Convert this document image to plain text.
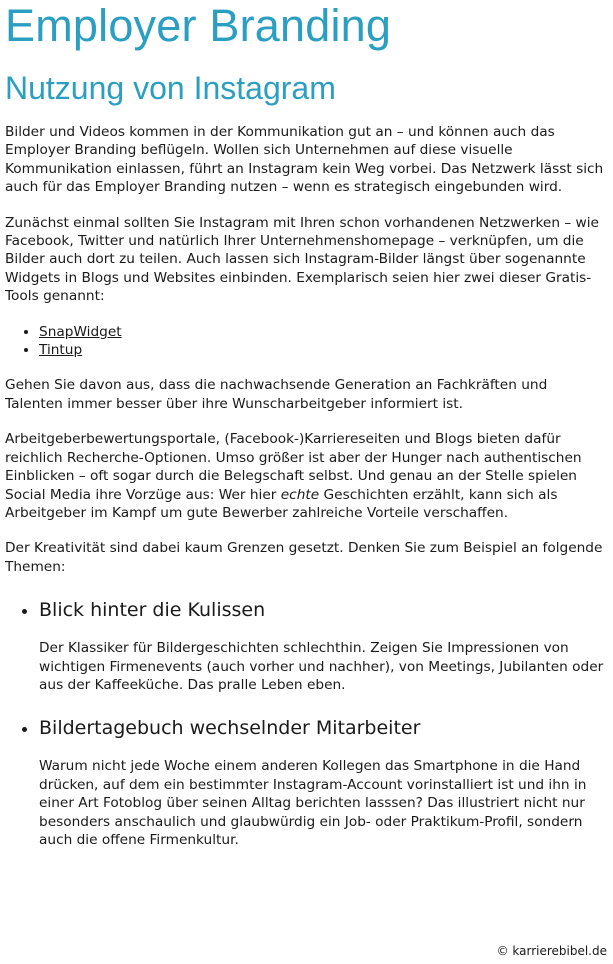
Employer Branding
Nutzung von Instagram

Bilder und Videos kommen in der Kommunikation gut an – und können auch das Employer Branding beflügeln. Wollen sich Unternehmen auf diese visuelle Kommunikation einlassen, führt an Instagram kein Weg vorbei. Das Netzwerk lässt sich auch für das Employer Branding nutzen – wenn es strategisch eingebunden wird.

Zunächst einmal sollten Sie Instagram mit Ihren schon vorhandenen Netzwerken – wie Facebook, Twitter und natürlich Ihrer Unternehmenshomepage – verknüpfen, um die Bilder auch dort zu teilen. Auch lassen sich Instagram-Bilder längst über sogenannte Widgets in Blogs und Websites einbinden. Exemplarisch seien hier zwei dieser Gratis-Tools genannt:

• SnapWidget
• Tintup

Gehen Sie davon aus, dass die nachwachsende Generation an Fachkräften und Talenten immer besser über ihre Wunscharbeitgeber informiert ist.

Arbeitgeberbewertungsportale, (Facebook-)Karriereseiten und Blogs bieten dafür reichlich Recherche-Optionen. Umso größer ist aber der Hunger nach authentischen Einblicken – oft sogar durch die Belegschaft selbst. Und genau an der Stelle spielen Social Media ihre Vorzüge aus: Wer hier echte Geschichten erzählt, kann sich als Arbeitgeber im Kampf um gute Bewerber zahlreiche Vorteile verschaffen.

Der Kreativität sind dabei kaum Grenzen gesetzt. Denken Sie zum Beispiel an folgende Themen:

• Blick hinter die Kulissen
Der Klassiker für Bildergeschichten schlechthin. Zeigen Sie Impressionen von wichtigen Firmenevents (auch vorher und nachher), von Meetings, Jubilanten oder aus der Kaffeeküche. Das pralle Leben eben.
• Bildertagebuch wechselnder Mitarbeiter
Warum nicht jede Woche einem anderen Kollegen das Smartphone in die Hand drücken, auf dem ein bestimmter Instagram-Account vorinstalliert ist und ihn in einer Art Fotoblog über seinen Alltag berichten lasssen? Das illustriert nicht nur besonders anschaulich und glaubwürdig ein Job- oder Praktikum-Profil, sondern auch die offene Firmenkultur.
© karrierebibel.de
